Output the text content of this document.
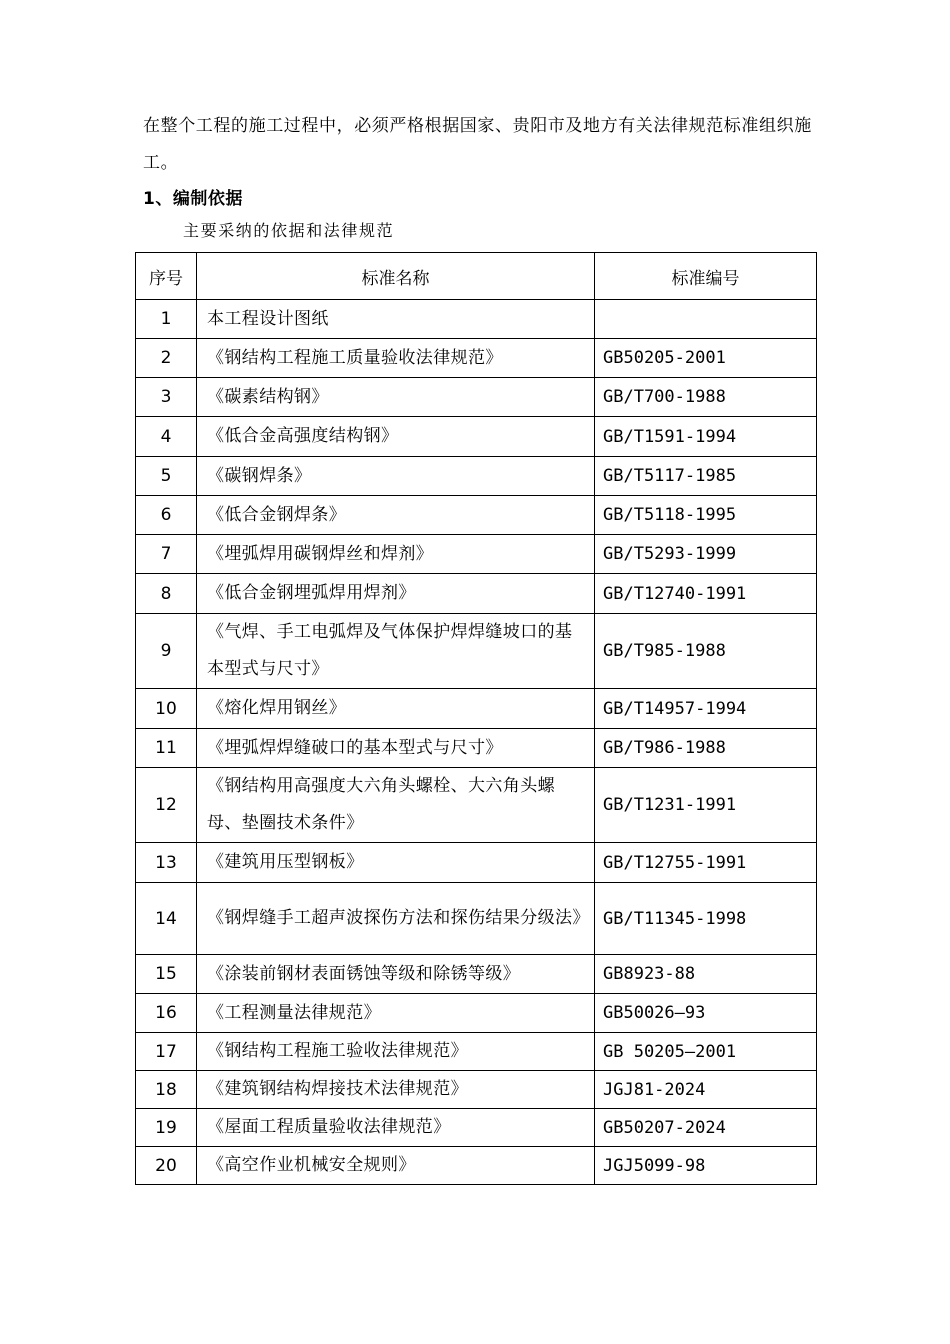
在整个工程的施工过程中，必须严格根据国家、贵阳市及地方有关法律规范标准组织施工。

1、编制依据

主要采纳的依据和法律规范

序号	标准名称	标准编号
1	本工程设计图纸	
2	《钢结构工程施工质量验收法律规范》	GB50205-2001
3	《碳素结构钢》	GB/T700-1988
4	《低合金高强度结构钢》	GB/T1591-1994
5	《碳钢焊条》	GB/T5117-1985
6	《低合金钢焊条》	GB/T5118-1995
7	《埋弧焊用碳钢焊丝和焊剂》	GB/T5293-1999
8	《低合金钢埋弧焊用焊剂》	GB/T12740-1991
9	《气焊、手工电弧焊及气体保护焊焊缝坡口的基本型式与尺寸》	GB/T985-1988
10	《熔化焊用钢丝》	GB/T14957-1994
11	《埋弧焊焊缝破口的基本型式与尺寸》	GB/T986-1988
12	《钢结构用高强度大六角头螺栓、大六角头螺母、垫圈技术条件》	GB/T1231-1991
13	《建筑用压型钢板》	GB/T12755-1991
14	《钢焊缝手工超声波探伤方法和探伤结果分级法》	GB/T11345-1998
15	《涂装前钢材表面锈蚀等级和除锈等级》	GB8923-88
16	《工程测量法律规范》	GB50026—93
17	《钢结构工程施工验收法律规范》	GB 50205—2001
18	《建筑钢结构焊接技术法律规范》	JGJ81-2024
19	《屋面工程质量验收法律规范》	GB50207-2024
20	《高空作业机械安全规则》	JGJ5099-98
